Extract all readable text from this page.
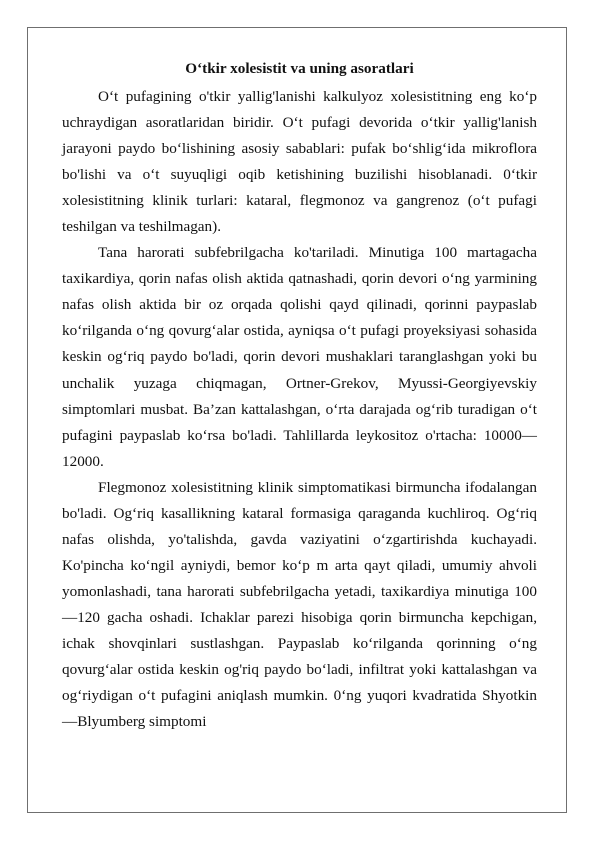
O‘tkir xolesistit va uning asoratlari

O‘t pufagining o'tkir yallig'lanishi kalkulyoz xolesistitning eng ko‘p uchraydigan asoratlaridan biridir. O‘t pufagi devorida o‘tkir yallig'lanish jarayoni paydo bo‘lishining asosiy sabablari: pufak bo‘shlig‘ida mikroflora bo'lishi va o‘t suyuqligi oqib ketishining buzilishi hisoblanadi. 0‘tkir xolesistitning klinik turlari: kataral, flegmonoz va gangrenoz (o‘t pufagi teshilgan va teshilmagan).

Tana harorati subfebrilgacha ko'tariladi. Minutiga 100 martagacha taxikardiya, qorin nafas olish aktida qatnashadi, qorin devori o‘ng yarmining nafas olish aktida bir oz orqada qolishi qayd qilinadi, qorinni paypaslab ko‘rilganda o‘ng qovurg‘alar ostida, ayniqsa o‘t pufagi proyeksiyasi sohasida keskin og‘riq paydo bo'ladi, qorin devori mushaklari taranglashgan yoki bu unchalik yuzaga chiqmagan, Ortner-Grekov, Myussi-Georgiyevskiy simptomlari musbat. Ba’zan kattalashgan, o‘rta darajada og‘rib turadigan o‘t pufagini paypaslab ko‘rsa bo'ladi. Tahlillarda leykositoz o'rtacha: 10000—12000.

Flegmonoz xolesistitning klinik simptomatikasi birmuncha ifodalangan bo'ladi. Og‘riq kasallikning kataral formasiga qaraganda kuchliroq. Og‘riq nafas olishda, yo'talishda, gavda vaziyatini o‘zgartirishda kuchayadi. Ko'pincha ko‘ngil ayniydi, bemor ko‘p m arta qayt qiladi, umumiy ahvoli yomonlashadi, tana harorati subfebrilgacha yetadi, taxikardiya minutiga 100—120 gacha oshadi. Ichaklar parezi hisobiga qorin birmuncha kepchigan, ichak shovqinlari sustlashgan. Paypaslab ko‘rilganda qorinning o‘ng qovurg‘alar ostida keskin og'riq paydo bo‘ladi, infiltrat yoki kattalashgan va og‘riydigan o‘t pufagini aniqlash mumkin. 0‘ng yuqori kvadratida Shyotkin—Blyumberg simptomi
